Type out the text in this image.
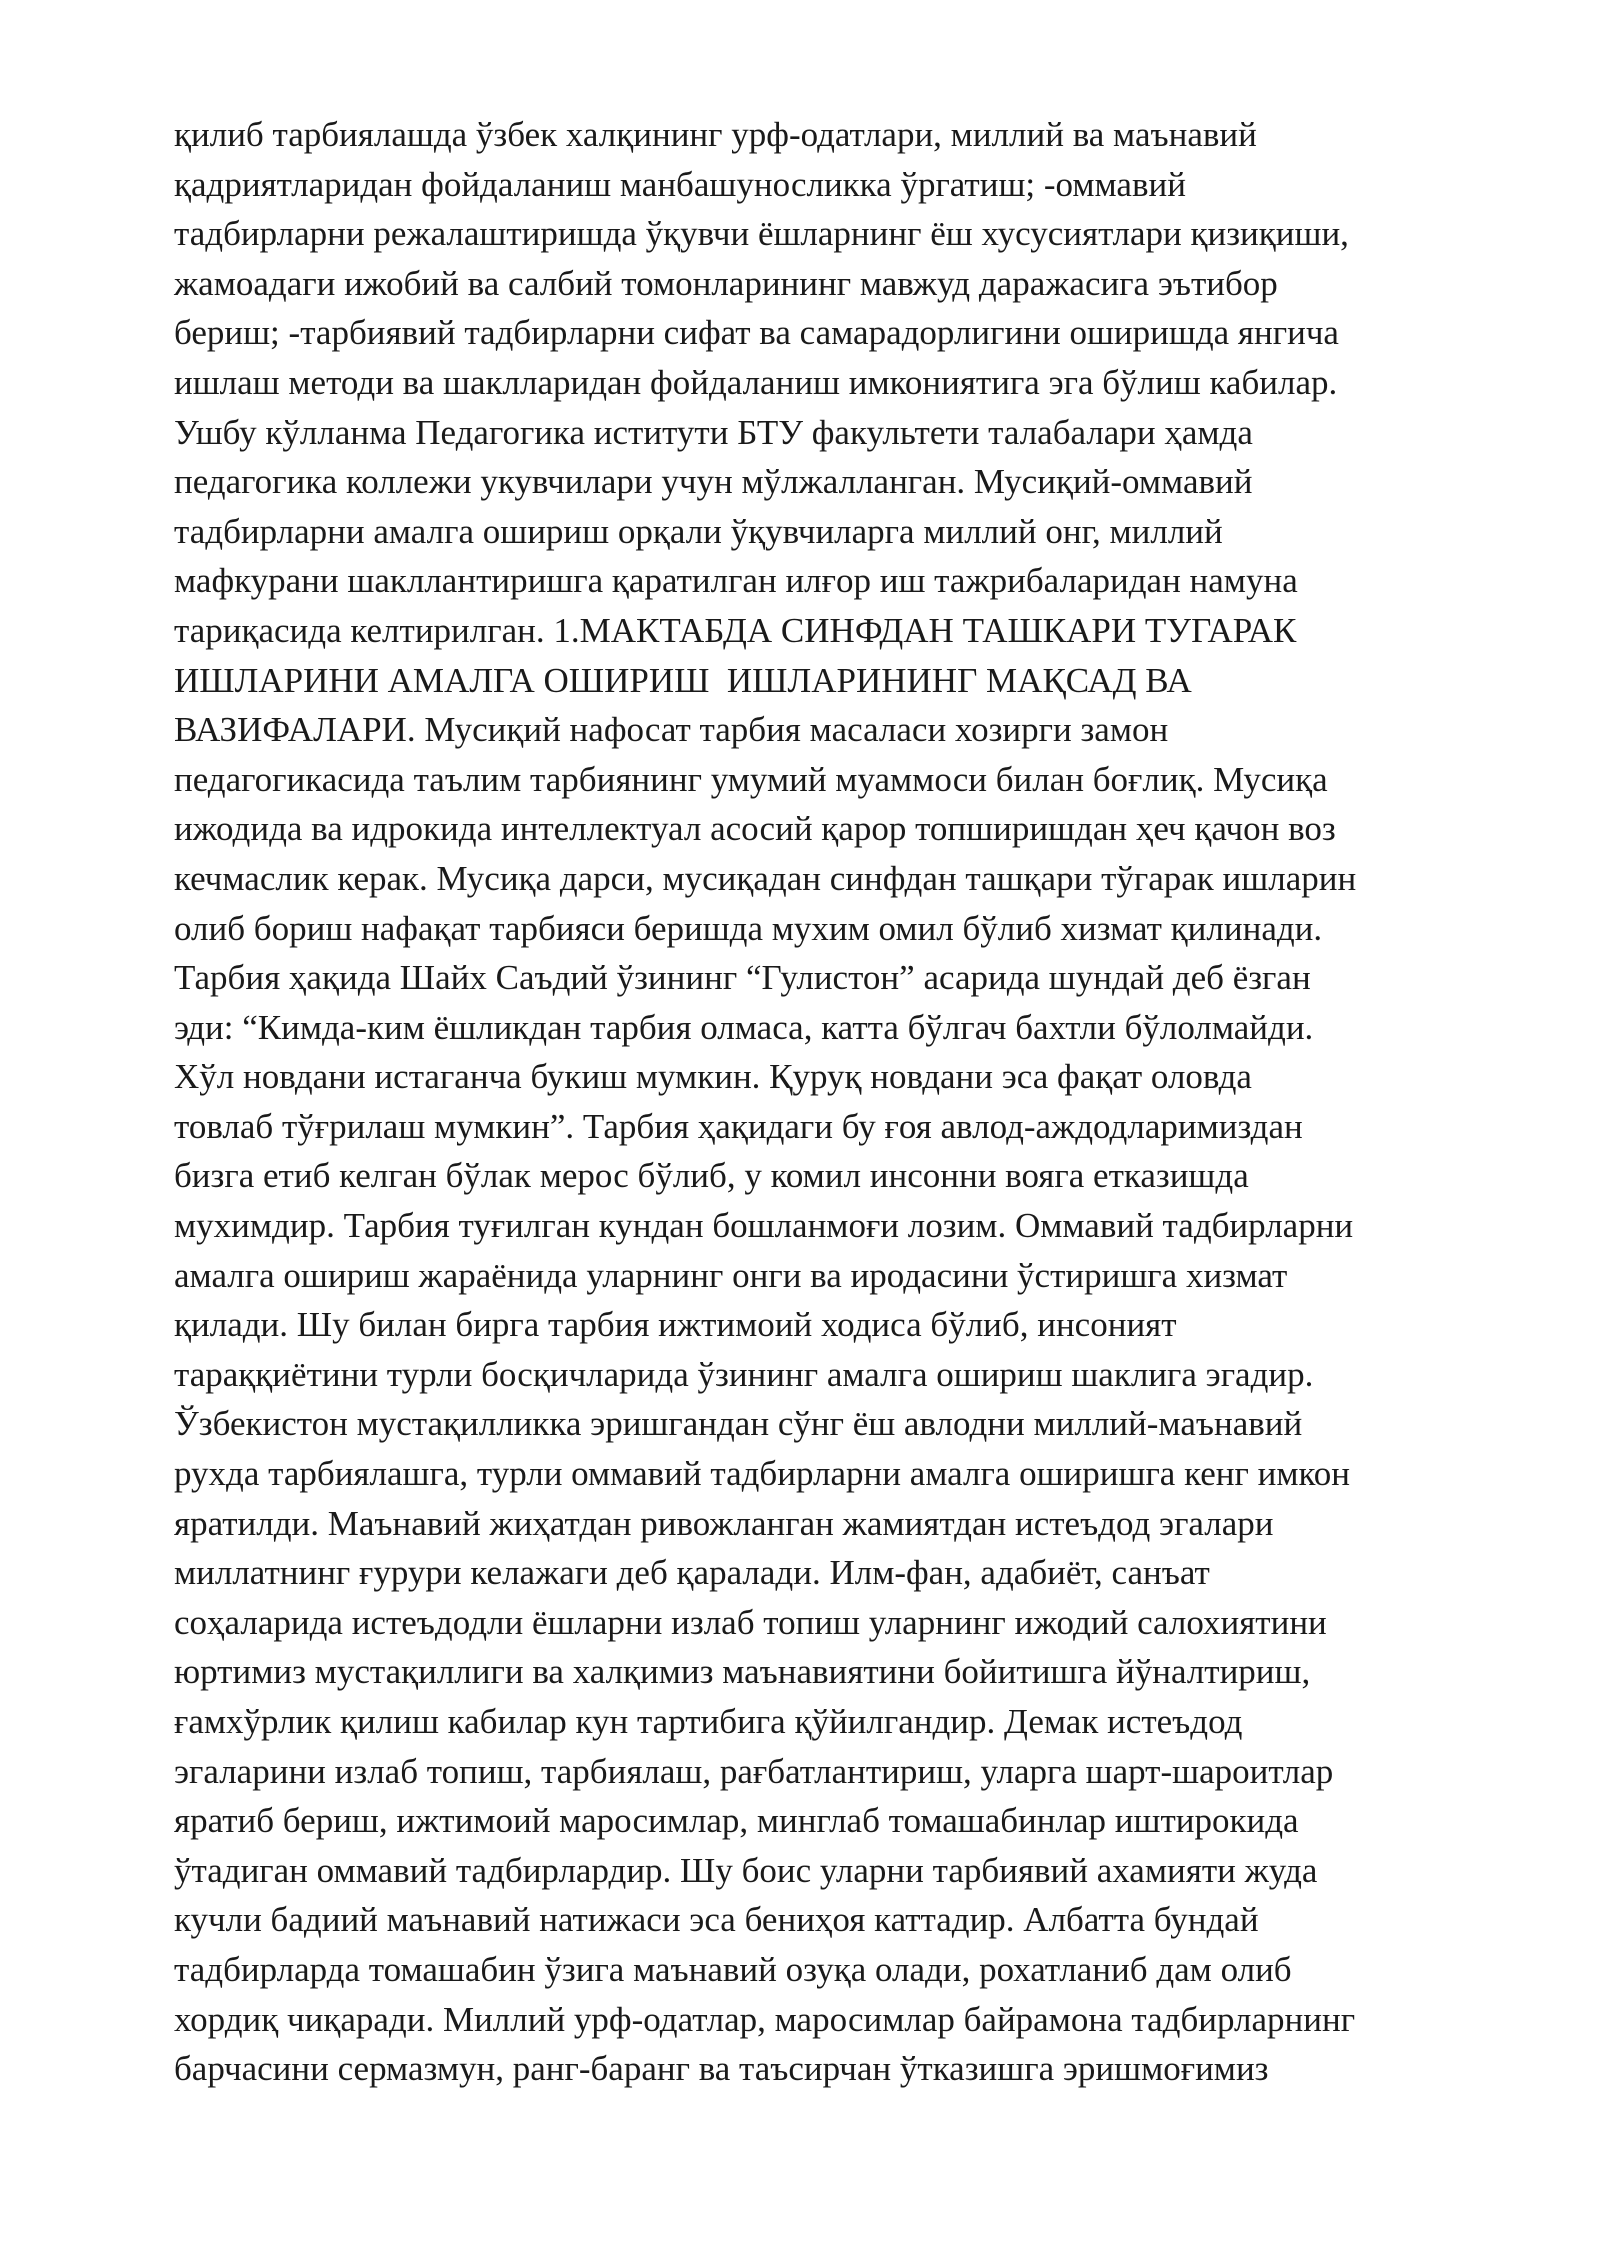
қилиб тарбиялашда ўзбек халқининг урф-одатлари, миллий ва маънавий
қадриятларидан фойдаланиш манбашуносликка ўргатиш; -оммавий
тадбирларни режалаштиришда ўқувчи ёшларнинг ёш хусусиятлари қизиқиши,
жамоадаги ижобий ва салбий томонларининг мавжуд даражасига эътибор
бериш; -тарбиявий тадбирларни сифат ва самарадорлигини оширишда янгича
ишлаш методи ва шаклларидан фойдаланиш имкониятига эга бўлиш кабилар.
Ушбу кўлланма Педагогика иститути БТУ факультети талабалари ҳамда
педагогика коллежи укувчилари учун мўлжалланган. Мусиқий-оммавий
тадбирларни амалга ошириш орқали ўқувчиларга миллий онг, миллий
мафкурани шакллантиришга қаратилган илғор иш тажрибаларидан намуна
тариқасида келтирилган. 1.МАКТАБДА СИНФДАН ТАШКАРИ ТУГАРАК
ИШЛАРИНИ АМАЛГА ОШИРИШ  ИШЛАРИНИНГ МАҚСАД ВА
ВАЗИФАЛАРИ. Мусиқий нафосат тарбия масаласи хозирги замон
педагогикасида таълим тарбиянинг умумий муаммоси билан боғлиқ. Мусиқа
ижодида ва идрокида интеллектуал асосий қарор топширишдан ҳеч қачон воз
кечмаслик керак. Мусиқа дарси, мусиқадан синфдан ташқари тўгарак ишларин
олиб бориш нафақат тарбияси беришда мухим омил бўлиб хизмат қилинади.
Тарбия ҳақида Шайх Саъдий ўзининг “Гулистон” асарида шундай деб ёзган
эди: “Кимда-ким ёшликдан тарбия олмаса, катта бўлгач бахтли бўлолмайди.
Хўл новдани истаганча букиш мумкин. Қуруқ новдани эса фақат оловда
товлаб тўғрилаш мумкин”. Тарбия ҳақидаги бу ғоя авлод-аждодларимиздан
бизга етиб келган бўлак мерос бўлиб, у комил инсонни вояга етказишда
мухимдир. Тарбия туғилган кундан бошланмоғи лозим. Оммавий тадбирларни
амалга ошириш жараёнида уларнинг онги ва иродасини ўстиришга хизмат
қилади. Шу билан бирга тарбия ижтимоий ходиса бўлиб, инсоният
тараққиётини турли босқичларида ўзининг амалга ошириш шаклига эгадир.
Ўзбекистон мустақилликка эришгандан сўнг ёш авлодни миллий-маънавий
рухда тарбиялашга, турли оммавий тадбирларни амалга оширишга кенг имкон
яратилди. Маънавий жиҳатдан ривожланган жамиятдан истеъдод эгалари
миллатнинг ғурури келажаги деб қаралади. Илм-фан, адабиёт, санъат
соҳаларида истеъдодли ёшларни излаб топиш уларнинг ижодий салохиятини
юртимиз мустақиллиги ва халқимиз маънавиятини бойитишга йўналтириш,
ғамхўрлик қилиш кабилар кун тартибига қўйилгандир. Демак истеъдод
эгаларини излаб топиш, тарбиялаш, рағбатлантириш, уларга шарт-шароитлар
яратиб бериш, ижтимоий маросимлар, минглаб томашабинлар иштирокида
ўтадиган оммавий тадбирлардир. Шу боис уларни тарбиявий ахамияти жуда
кучли бадиий маънавий натижаси эса бениҳоя каттадир. Албатта бундай
тадбирларда томашабин ўзига маънавий озуқа олади, рохатланиб дам олиб
хордиқ чиқаради. Миллий урф-одатлар, маросимлар байрамона тадбирларнинг
барчасини сермазмун, ранг-баранг ва таъсирчан ўтказишга эришмоғимиз
